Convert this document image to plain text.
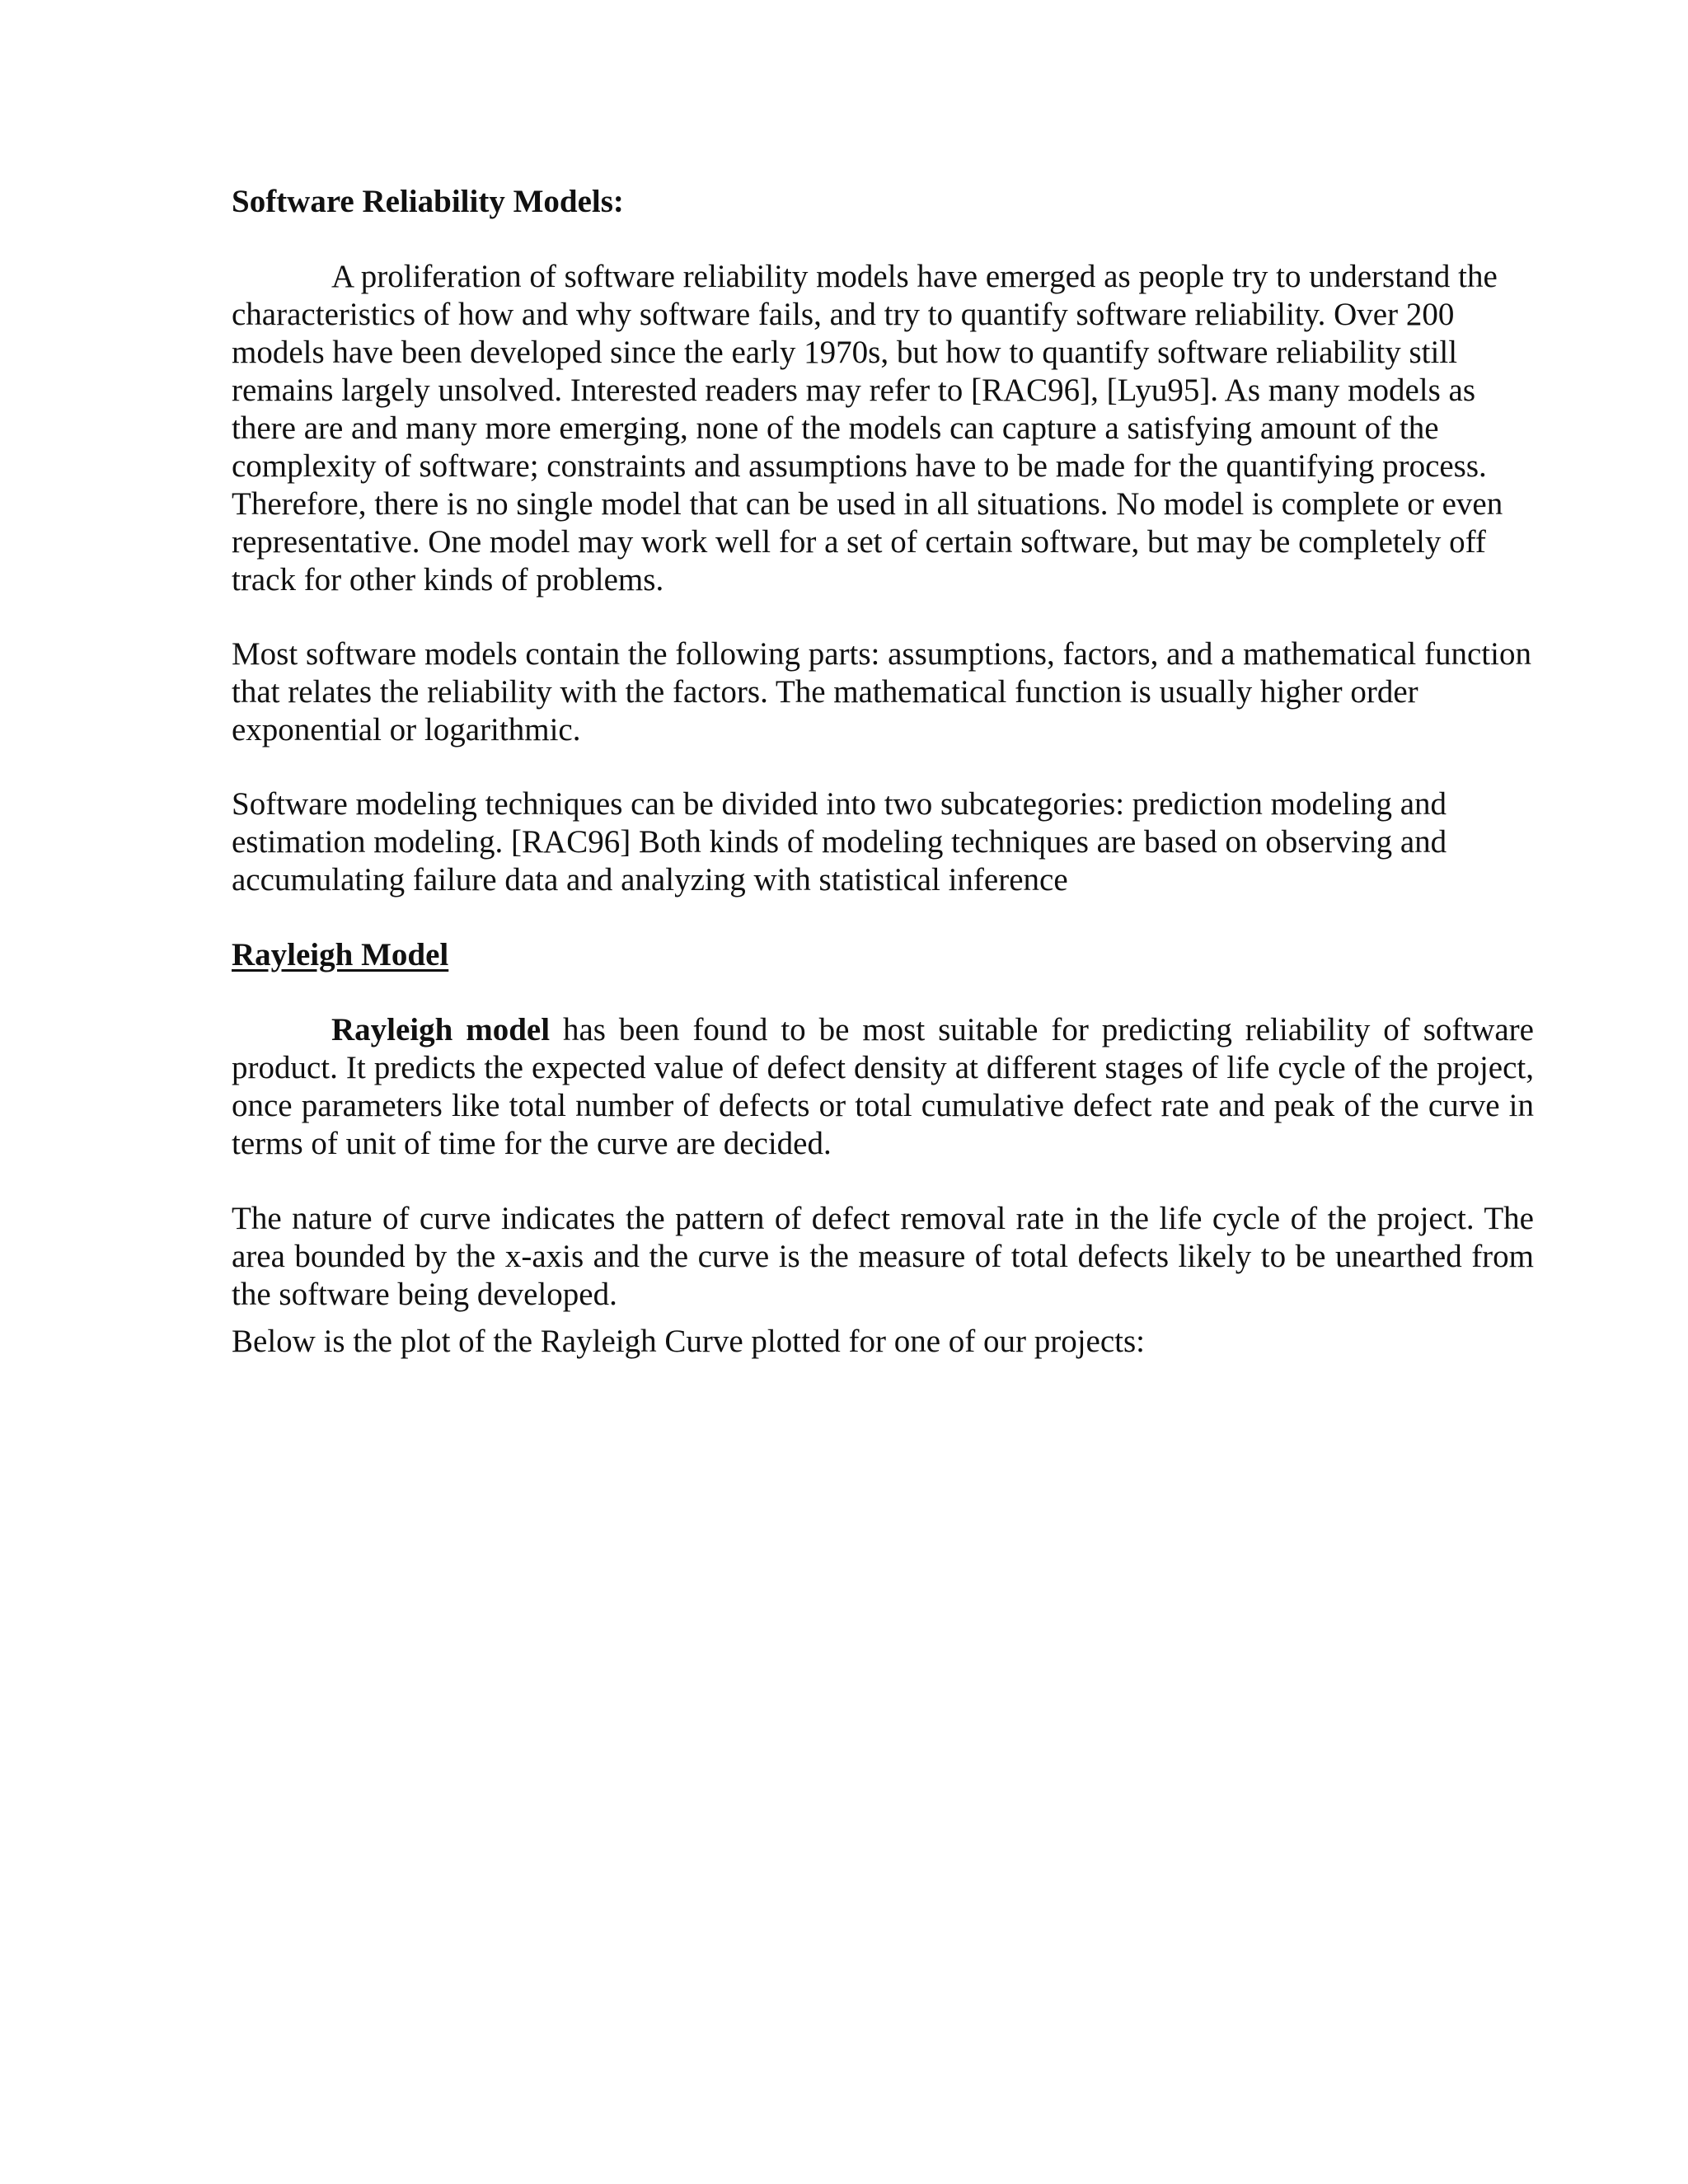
Software Reliability Models:

A proliferation of software reliability models have emerged as people try to understand the characteristics of how and why software fails, and try to quantify software reliability. Over 200 models have been developed since the early 1970s, but how to quantify software reliability still remains largely unsolved. Interested readers may refer to [RAC96], [Lyu95]. As many models as there are and many more emerging, none of the models can capture a satisfying amount of the complexity of software; constraints and assumptions have to be made for the quantifying process. Therefore, there is no single model that can be used in all situations. No model is complete or even representative. One model may work well for a set of certain software, but may be completely off track for other kinds of problems.

Most software models contain the following parts: assumptions, factors, and a mathematical function that relates the reliability with the factors. The mathematical function is usually higher order exponential or logarithmic.

Software modeling techniques can be divided into two subcategories: prediction modeling and estimation modeling. [RAC96] Both kinds of modeling techniques are based on observing and accumulating failure data and analyzing with statistical inference

Rayleigh Model

Rayleigh model has been found to be most suitable for predicting reliability of software product. It predicts the expected value of defect density at different stages of life cycle of the project, once parameters like total number of defects or total cumulative defect rate and peak of the curve in terms of unit of time for the curve are decided.

The nature of curve indicates the pattern of defect removal rate in the life cycle of the project. The area bounded by the x-axis and the curve is the measure of total defects likely to be unearthed from the software being developed.

Below is the plot of the Rayleigh Curve plotted for one of our projects:
